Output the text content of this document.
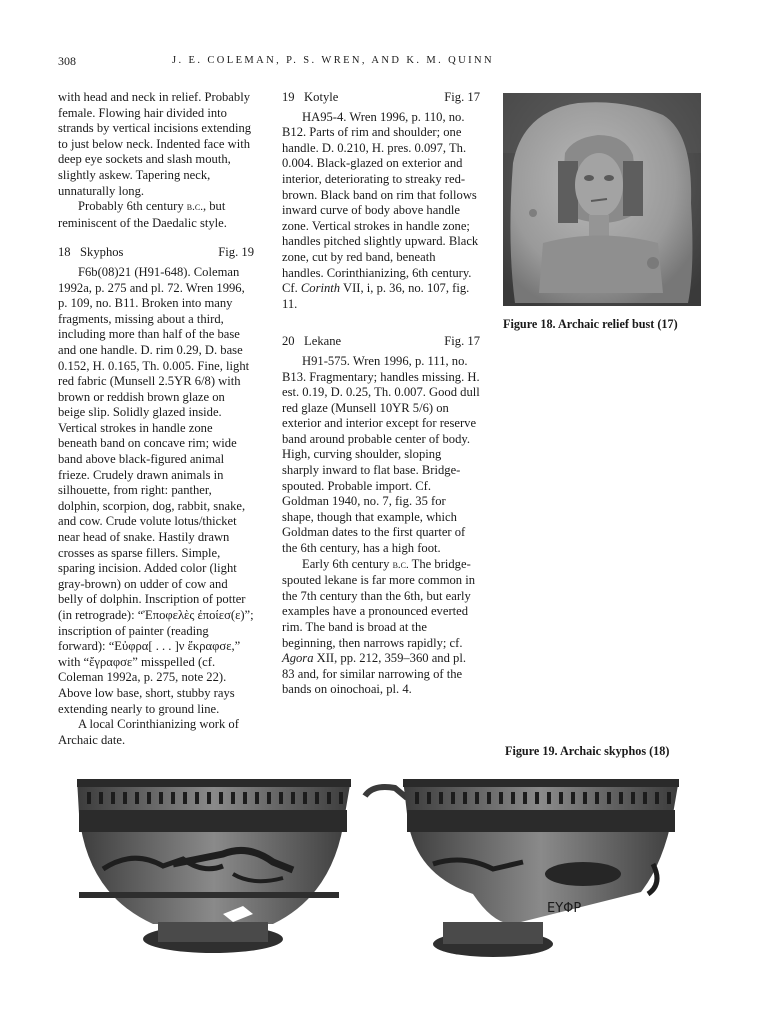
308	J. E. COLEMAN, P. S. WREN, AND K. M. QUINN

with head and neck in relief. Probably female. Flowing hair divided into strands by vertical incisions extending to just below neck. Indented face with deep eye sockets and slash mouth, slightly askew. Tapering neck, unnaturally long.

Probably 6th century b.c., but reminiscent of the Daedalic style.

18 Skyphos	Fig. 19

F6b(08)21 (H91-648). Coleman 1992a, p. 275 and pl. 72. Wren 1996, p. 109, no. B11. Broken into many fragments, missing about a third, including more than half of the base and one handle. D. rim 0.29, D. base 0.152, H. 0.165, Th. 0.005. Fine, light red fabric (Munsell 2.5YR 6/8) with brown or reddish brown glaze on beige slip. Solidly glazed inside. Vertical strokes in handle zone beneath band on concave rim; wide band above black-figured animal frieze. Crudely drawn animals in silhouette, from right: panther, dolphin, scorpion, dog, rabbit, snake, and cow. Crude volute lotus/thicket near head of snake. Hastily drawn crosses as sparse fillers. Simple, sparing incision. Added color (light gray-brown) on udder of cow and belly of dolphin. Inscription of potter (in retrograde): “Ἐποφελὲς ἐποίεσ(ε)”; inscription of painter (reading forward): “Εὐφρα[ . . . ]ν ἔκραφσε,” with “ἔγραφσε” misspelled (cf. Coleman 1992a, p. 275, note 22). Above low base, short, stubby rays extending nearly to ground line.

A local Corinthianizing work of Archaic date.

19 Kotyle	Fig. 17

HA95-4. Wren 1996, p. 110, no. B12. Parts of rim and shoulder; one handle. D. 0.210, H. pres. 0.097, Th. 0.004. Black-glazed on exterior and interior, deteriorating to streaky red-brown. Black band on rim that follows inward curve of body above handle zone. Vertical strokes in handle zone; handles pitched slightly upward. Black zone, cut by red band, beneath handles. Corinthianizing, 6th century. Cf. Corinth VII, i, p. 36, no. 107, fig. 11.

20 Lekane	Fig. 17

H91-575. Wren 1996, p. 111, no. B13. Fragmentary; handles missing. H. est. 0.19, D. 0.25, Th. 0.007. Good dull red glaze (Munsell 10YR 5/6) on exterior and interior except for reserve band around probable center of body. High, curving shoulder, sloping sharply inward to flat base. Bridge-spouted. Probable import. Cf. Goldman 1940, no. 7, fig. 35 for shape, though that example, which Goldman dates to the first quarter of the 6th century, has a high foot.

Early 6th century b.c. The bridge-spouted lekane is far more common in the 7th century than the 6th, but early examples have a pronounced everted rim. The band is broad at the beginning, then narrows rapidly; cf. Agora XII, pp. 212, 359–360 and pl. 83 and, for similar narrowing of the bands on oinochoai, pl. 4.

Figure 18. Archaic relief bust (17)
Figure 19. Archaic skyphos (18)
ΕΥΦΡ
